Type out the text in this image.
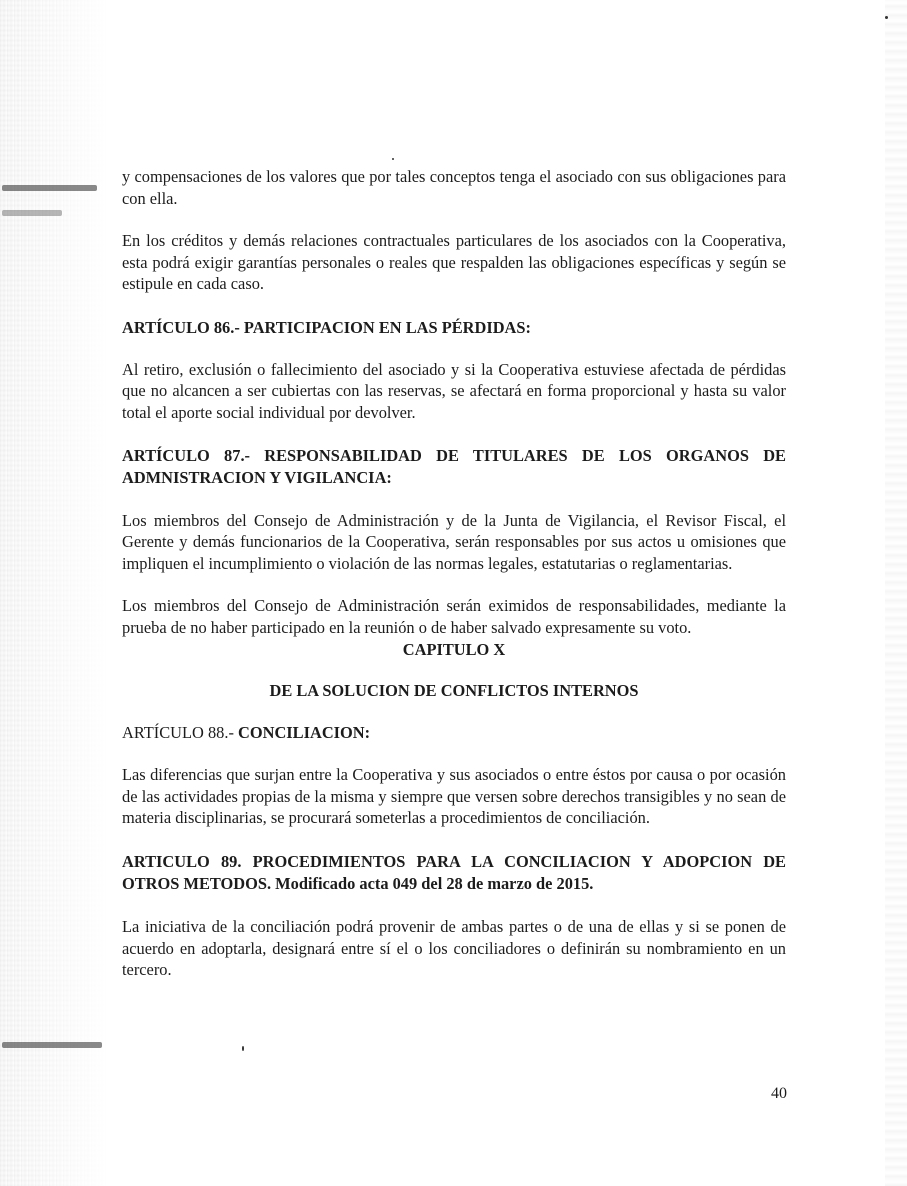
y compensaciones de los valores que por tales conceptos tenga el asociado con sus obligaciones para con ella.

En los créditos y demás relaciones contractuales particulares de los asociados con la Cooperativa, esta podrá exigir garantías personales o reales que respalden las obligaciones específicas y según se estipule en cada caso.

ARTÍCULO 86.- PARTICIPACION EN LAS PÉRDIDAS:

Al retiro, exclusión o fallecimiento del asociado y si la Cooperativa estuviese afectada de pérdidas que no alcancen a ser cubiertas con las reservas, se afectará en forma proporcional y hasta su valor total el aporte social individual por devolver.

ARTÍCULO 87.- RESPONSABILIDAD DE TITULARES DE LOS ORGANOS DE ADMNISTRACION Y VIGILANCIA:

Los miembros del Consejo de Administración y de la Junta de Vigilancia, el Revisor Fiscal, el Gerente y demás funcionarios de la Cooperativa, serán responsables por sus actos u omisiones que impliquen el incumplimiento o violación de las normas legales, estatutarias o reglamentarias.

Los miembros del Consejo de Administración serán eximidos de responsabilidades, mediante la prueba de no haber participado en la reunión o de haber salvado expresamente su voto.

CAPITULO X

DE LA SOLUCION DE CONFLICTOS INTERNOS

ARTÍCULO 88.- CONCILIACION:

Las diferencias que surjan entre la Cooperativa y sus asociados o entre éstos por causa o por ocasión de las actividades propias de la misma y siempre que versen sobre derechos transigibles y no sean de materia disciplinarias, se procurará someterlas a procedimientos de conciliación.

ARTICULO 89. PROCEDIMIENTOS PARA LA CONCILIACION Y ADOPCION DE OTROS METODOS. Modificado acta 049 del 28 de marzo de 2015.

La iniciativa de la conciliación podrá provenir de ambas partes o de una de ellas y si se ponen de acuerdo en adoptarla, designará entre sí el o los conciliadores o definirán su nombramiento en un tercero.

40
